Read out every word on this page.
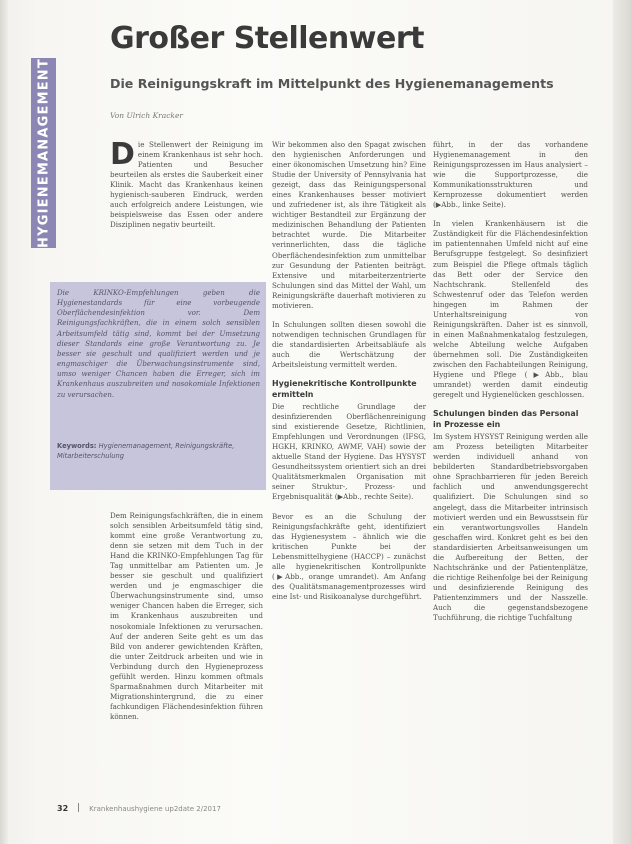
HYGIENEMANAGEMENT
Großer Stellenwert
Die Reinigungskraft im Mittelpunkt des Hygienemanagements
Von Ulrich Kracker
D ie Stellenwert der Reinigung im einem Krankenhaus ist sehr hoch. Patienten und Besucher beurteilen als erstes die Sauberkeit einer Klinik. Macht das Krankenhaus keinen hygienisch-sauberen Eindruck, werden auch erfolgreich andere Leistungen, wie beispielsweise das Essen oder andere Disziplinen negativ beurteilt.

Die KRINKO-Empfehlungen geben die Hygienestandards für eine vorbeugende Oberflächendesinfektion vor. Dem Reinigungsfachkräften, die in einem solch sensiblen Arbeitsumfeld tätig sind, kommt bei der Umsetzung dieser Standards eine große Verantwortung zu. Je besser sie geschult und qualifiziert werden und je engmaschiger die Überwachungsinstrumente sind, umso weniger Chancen haben die Erreger, sich im Krankenhaus auszubreiten und nosokomiale Infektionen zu verursachen.
Keywords: Hygienemanagement, Reinigungskräfte, Mitarbeiterschulung

Dem Reinigungsfachkräften, die in einem solch sensiblen Arbeitsumfeld tätig sind, kommt eine große Verantwortung zu, denn sie setzen mit dem Tuch in der Hand die KRINKO-Empfehlungen Tag für Tag unmittelbar am Patienten um. Je besser sie geschult und qualifiziert werden und je engmaschiger die Überwachungsinstrumente sind, umso weniger Chancen haben die Erreger, sich im Krankenhaus auszubreiten und nosokomiale Infektionen zu verursachen. Auf der anderen Seite geht es um das Bild von anderer gewichtenden Kräften, die unter Zeitdruck arbeiten und wie in Verbindung durch den Hygieneprozess gefühlt werden. Hinzu kommen oftmals Sparmaßnahmen durch Mitarbeiter mit Migrationshintergrund, die zu einer fachkundigen Flächendesinfektion führen können.

Wir bekommen also den Spagat zwischen den hygienischen Anforderungen und einer ökonomischen Umsetzung hin? Eine Studie der University of Pennsylvania hat gezeigt, dass das Reinigungspersonal eines Krankenhauses besser motiviert und zufriedener ist, als ihre Tätigkeit als wichtiger Bestandteil zur Ergänzung der medizinischen Behandlung der Patienten betrachtet wurde. Die Mitarbeiter verinnerlichten, dass die tägliche Oberflächendesinfektion zum unmittelbar zur Gesundung der Patienten beiträgt. Extensive und mitarbeiterzentrierte Schulungen sind das Mittel der Wahl, um Reinigungskräfte dauerhaft motivieren zu motivieren.

In Schulungen sollten diesen sowohl die notwendigen technischen Grundlagen für die standardisierten Arbeitsabläufe als auch die Wertschätzung der Arbeitsleistung vermittelt werden.

Hygienekritische Kontrollpunkte ermitteln

Die rechtliche Grundlage der desinfizierenden Oberflächenreinigung sind existierende Gesetze, Richtlinien, Empfehlungen und Verordnungen (IFSG, HGKH, KRINKO, AWMF, VAH) sowie der aktuelle Stand der Hygiene. Das HYSYST Gesundheitssystem orientiert sich an drei Qualitätsmerkmalen Organisation mit seiner Struktur-, Prozess- und Ergebnisqualität (▶Abb., rechte Seite).

Bevor es an die Schulung der Reinigungsfachkräfte geht, identifiziert das Hygienesystem – ähnlich wie die kritischen Punkte bei der Lebensmittelhygiene (HACCP) – zunächst alle hygienekritischen Kontrollpunkte (▶Abb., orange umrandet). Am Anfang des Qualitätsmanagementprozesses wird eine Ist- und Risikoanalyse durchgeführt.

führt, in der das vorhandene Hygienemanagement in den Reinigungsprozessen im Haus analysiert – wie die Supportprozesse, die Kommunikationsstrukturen und Kernprozesse dokumentiert werden (▶Abb., linke Seite).

In vielen Krankenhäusern ist die Zuständigkeit für die Flächendesinfektion im patientennahen Umfeld nicht auf eine Berufsgruppe festgelegt. So desinfiziert zum Beispiel die Pflege oftmals täglich das Bett oder der Service den Nachtschrank. Stellenfeld des Schwestenruf oder das Telefon werden hingegen im Rahmen der Unterhaltsreinigung von Reinigungskräften. Daher ist es sinnvoll, in einen Maßnahmenkatalog festzulegen, welche Abteilung welche Aufgaben übernehmen soll. Die Zuständigkeiten zwischen den Fachabteilungen Reinigung, Hygiene und Pflege (▶Abb., blau umrandet) werden damit eindeutig geregelt und Hygienelücken geschlossen.

Schulungen binden das Personal in Prozesse ein

Im System HYSYST Reinigung werden alle am Prozess beteiligten Mitarbeiter werden individuell anhand von bebilderten Standardbetriebsvorgaben ohne Sprachbarrieren für jeden Bereich fachlich und anwendungsgerecht qualifiziert. Die Schulungen sind so angelegt, dass die Mitarbeiter intrinsisch motiviert werden und ein Bewusstsein für ein verantwortungsvolles Handeln geschaffen wird. Konkret geht es bei den standardisierten Arbeitsanweisungen um die Aufbereitung der Betten, der Nachtschränke und der Patientenplätze, die richtige Reihenfolge bei der Reinigung und desinfizierende Reinigung des Patientenzimmers und der Nasszelle. Auch die gegenstandsbezogene Tuchführung, die richtige Tuchfaltung

32	Krankenhaushygiene up2date 2/2017
